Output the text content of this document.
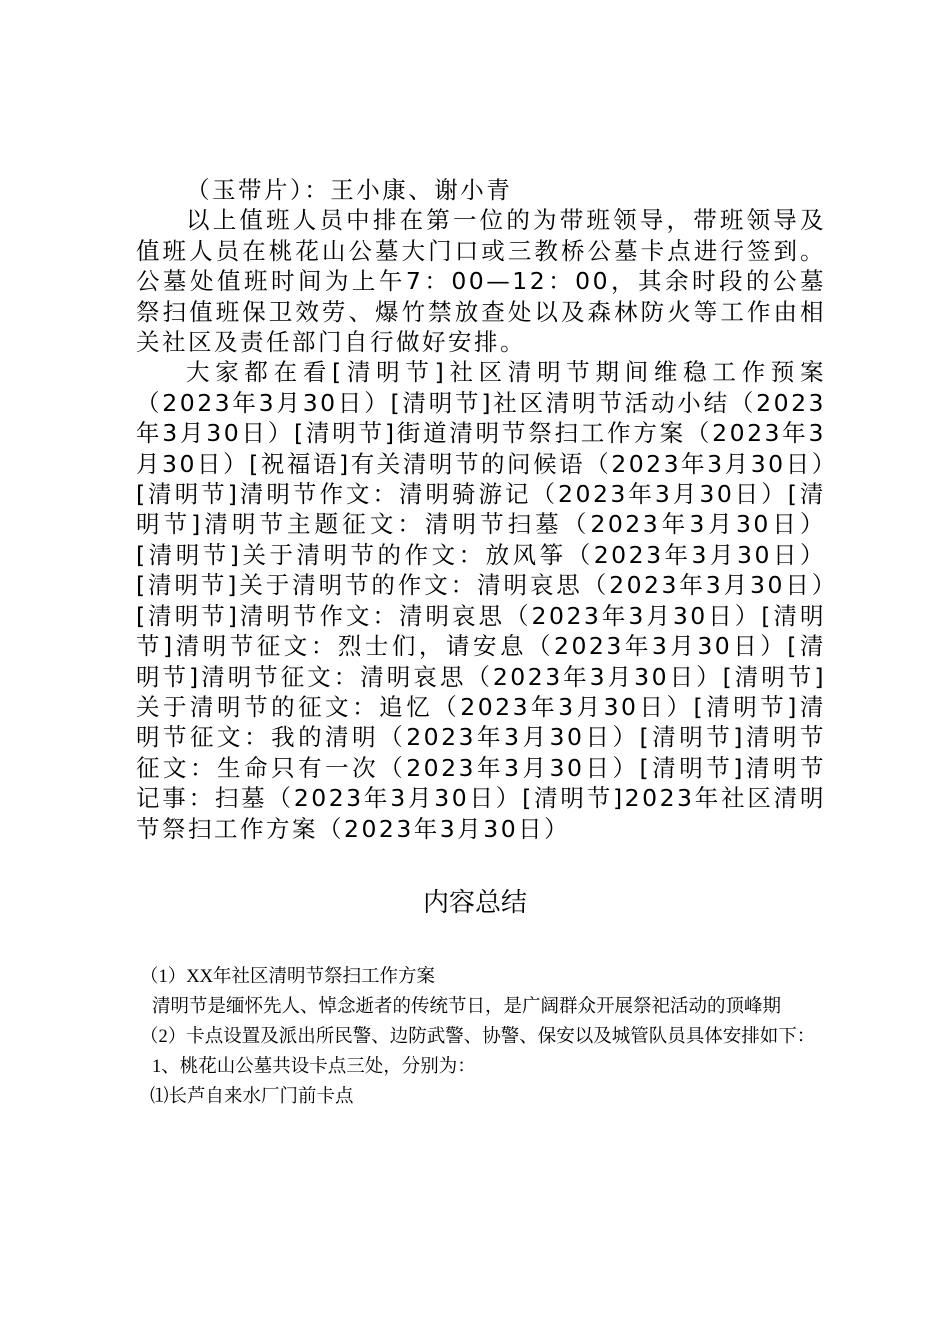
（玉带片）：王小康、谢小青

以上值班人员中排在第一位的为带班领导，带班领导及值班人员在桃花山公墓大门口或三教桥公墓卡点进行签到。公墓处值班时间为上午7：00—12：00，其余时段的公墓祭扫值班保卫效劳、爆竹禁放查处以及森林防火等工作由相关社区及责任部门自行做好安排。

大家都在看[清明节]社区清明节期间维稳工作预案（2023年3月30日）[清明节]社区清明节活动小结（2023年3月30日）[清明节]街道清明节祭扫工作方案（2023年3月30日）[祝福语]有关清明节的问候语（2023年3月30日）[清明节]清明节作文：清明骑游记（2023年3月30日）[清明节]清明节主题征文：清明节扫墓（2023年3月30日）[清明节]关于清明节的作文：放风筝（2023年3月30日）[清明节]关于清明节的作文：清明哀思（2023年3月30日）[清明节]清明节作文：清明哀思（2023年3月30日）[清明节]清明节征文：烈士们，请安息（2023年3月30日）[清明节]清明节征文：清明哀思（2023年3月30日）[清明节]关于清明节的征文：追忆（2023年3月30日）[清明节]清明节征文：我的清明（2023年3月30日）[清明节]清明节征文：生命只有一次（2023年3月30日）[清明节]清明节记事：扫墓（2023年3月30日）[清明节]2023年社区清明节祭扫工作方案（2023年3月30日）

内容总结

（1）XX年社区清明节祭扫工作方案

清明节是缅怀先人、悼念逝者的传统节日，是广阔群众开展祭祀活动的顶峰期

（2）卡点设置及派出所民警、边防武警、协警、保安以及城管队员具体安排如下：

1、桃花山公墓共设卡点三处，分别为：

⑴长芦自来水厂门前卡点
